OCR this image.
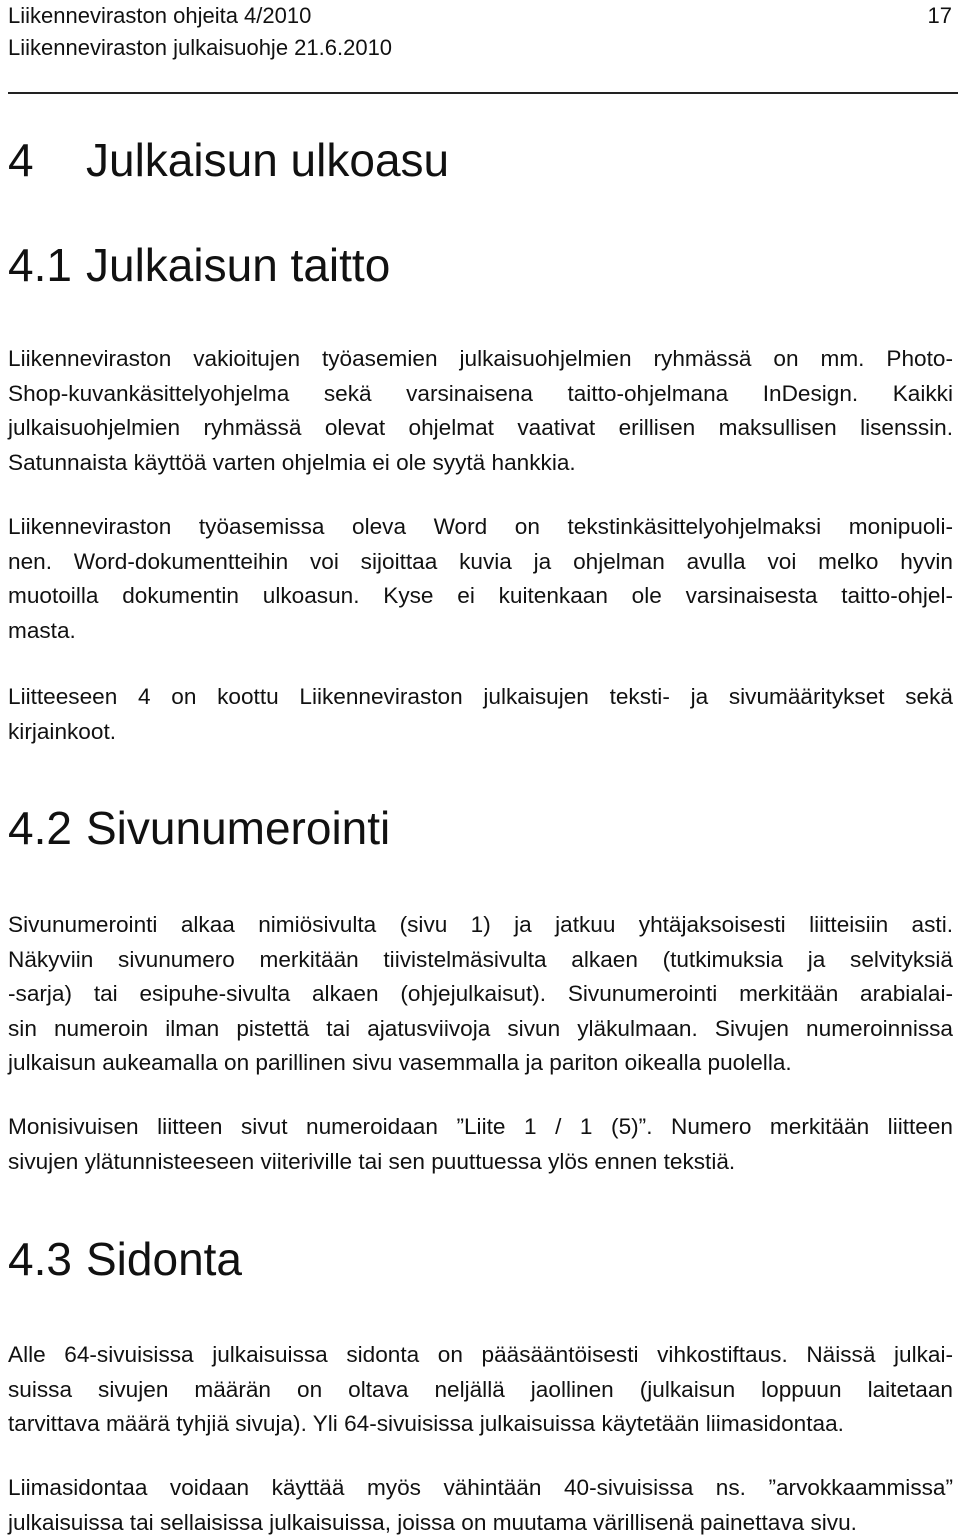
Liikenneviraston ohjeita 4/2010
Liikenneviraston julkaisuohje 21.6.2010
17
4 Julkaisun ulkoasu
4.1 Julkaisun taitto
Liikenneviraston vakioitujen työasemien julkaisuohjelmien ryhmässä on mm. Photo-
Shop-kuvankäsittelyohjelma sekä varsinaisena taitto-ohjelmana InDesign. Kaikki
julkaisuohjelmien ryhmässä olevat ohjelmat vaativat erillisen maksullisen lisenssin.
Satunnaista käyttöä varten ohjelmia ei ole syytä hankkia.
Liikenneviraston työasemissa oleva Word on tekstinkäsittelyohjelmaksi monipuoli-
nen. Word-dokumentteihin voi sijoittaa kuvia ja ohjelman avulla voi melko hyvin
muotoilla dokumentin ulkoasun. Kyse ei kuitenkaan ole varsinaisesta taitto-ohjel-
masta.
Liitteeseen 4 on koottu Liikenneviraston julkaisujen teksti- ja sivumääritykset sekä
kirjainkoot.
4.2 Sivunumerointi
Sivunumerointi alkaa nimiösivulta (sivu 1) ja jatkuu yhtäjaksoisesti liitteisiin asti.
Näkyviin sivunumero merkitään tiivistelmäsivulta alkaen (tutkimuksia ja selvityksiä
-sarja) tai esipuhe-sivulta alkaen (ohjejulkaisut). Sivunumerointi merkitään arabialai-
sin numeroin ilman pistettä tai ajatusviivoja sivun yläkulmaan. Sivujen numeroinnissa
julkaisun aukeamalla on parillinen sivu vasemmalla ja pariton oikealla puolella.
Monisivuisen liitteen sivut numeroidaan ”Liite 1 / 1 (5)”. Numero merkitään liitteen
sivujen ylätunnisteeseen viiteriville tai sen puuttuessa ylös ennen tekstiä.
4.3 Sidonta
Alle 64-sivuisissa julkaisuissa sidonta on pääsääntöisesti vihkostiftaus. Näissä julkai-
suissa sivujen määrän on oltava neljällä jaollinen (julkaisun loppuun laitetaan
tarvittava määrä tyhjiä sivuja). Yli 64-sivuisissa julkaisuissa käytetään liimasidontaa.
Liimasidontaa voidaan käyttää myös vähintään 40-sivuisissa ns. ”arvokkaammissa”
julkaisuissa tai sellaisissa julkaisuissa, joissa on muutama värillisenä painettava sivu.
